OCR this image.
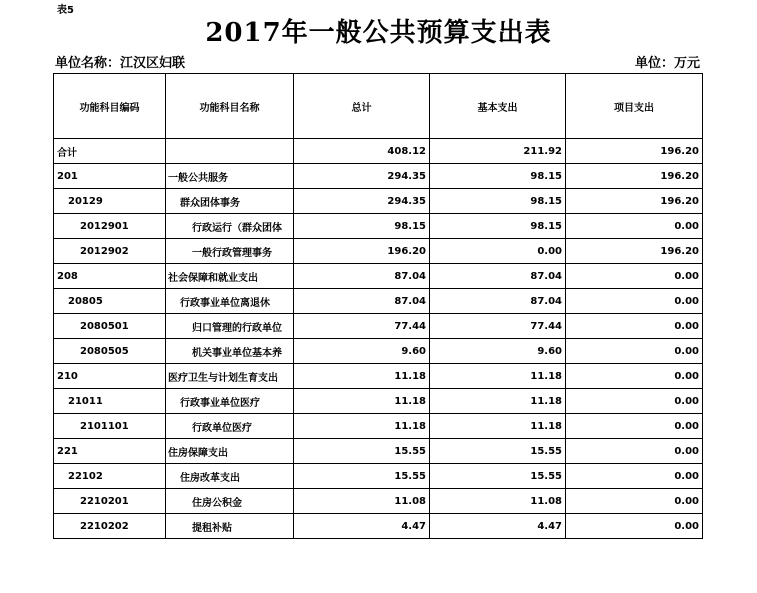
表5
2017年一般公共预算支出表
单位名称：江汉区妇联	单位：万元
功能科目编码	功能科目名称	总计	基本支出	项目支出
合计		408.12	211.92	196.20
201	一般公共服务	294.35	98.15	196.20
20129	群众团体事务	294.35	98.15	196.20
2012901	行政运行（群众团体	98.15	98.15	0.00
2012902	一般行政管理事务	196.20	0.00	196.20
208	社会保障和就业支出	87.04	87.04	0.00
20805	行政事业单位离退休	87.04	87.04	0.00
2080501	归口管理的行政单位	77.44	77.44	0.00
2080505	机关事业单位基本养	9.60	9.60	0.00
210	医疗卫生与计划生育支出	11.18	11.18	0.00
21011	行政事业单位医疗	11.18	11.18	0.00
2101101	行政单位医疗	11.18	11.18	0.00
221	住房保障支出	15.55	15.55	0.00
22102	住房改革支出	15.55	15.55	0.00
2210201	住房公积金	11.08	11.08	0.00
2210202	提租补贴	4.47	4.47	0.00
